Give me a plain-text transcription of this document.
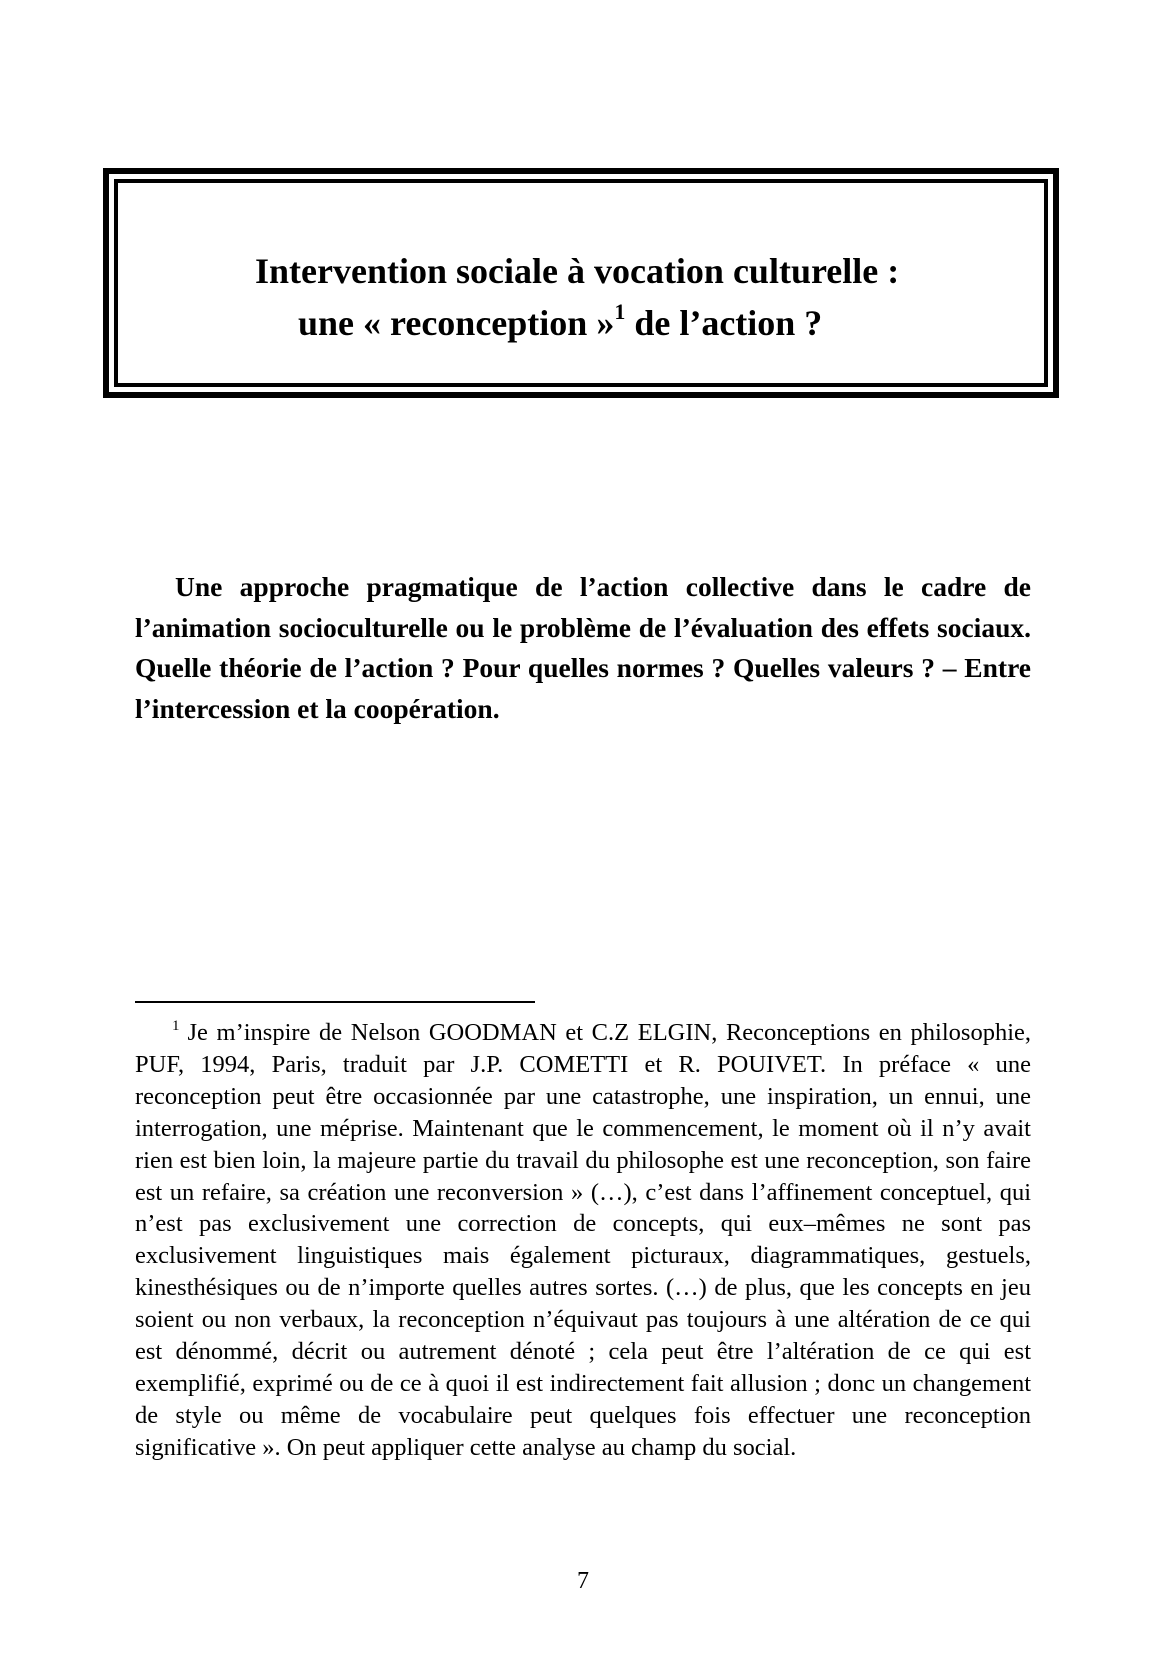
Intervention sociale à vocation culturelle :
une « reconception »$^1$ de l’action ?

Une approche pragmatique de l’action collective dans le cadre de l’animation socioculturelle ou le problème de l’évaluation des effets sociaux. Quelle théorie de l’action ? Pour quelles normes ? Quelles valeurs ? – Entre l’intercession et la coopération.

$^1$ Je m’inspire de Nelson GOODMAN et C.Z ELGIN, Reconceptions en philosophie, PUF, 1994, Paris, traduit par J.P. COMETTI et R. POUIVET. In préface « une reconception peut être occasionnée par une catastrophe, une inspiration, un ennui, une interrogation, une méprise. Maintenant que le commencement, le moment où il n’y avait rien est bien loin, la majeure partie du travail du philosophe est une reconception, son faire est un refaire, sa création une reconversion » (…), c’est dans l’affinement conceptuel, qui n’est pas exclusivement une correction de concepts, qui eux–mêmes ne sont pas exclusivement linguistiques mais également picturaux, diagrammatiques, gestuels, kinesthésiques ou de n’importe quelles autres sortes. (…) de plus, que les concepts en jeu soient ou non verbaux, la reconception n’équivaut pas toujours à une altération de ce qui est dénommé, décrit ou autrement dénoté ; cela peut être l’altération de ce qui est exemplifié, exprimé ou de ce à quoi il est indirectement fait allusion ; donc un changement de style ou même de vocabulaire peut quelques fois effectuer une reconception significative ». On peut appliquer cette analyse au champ du social.

7
